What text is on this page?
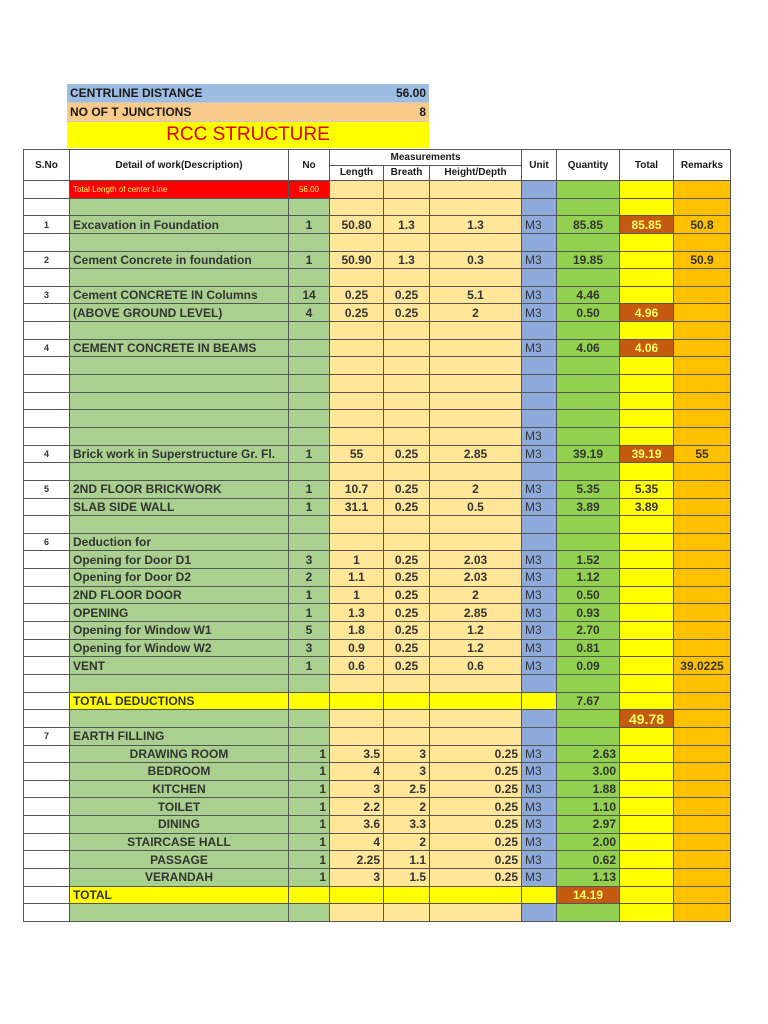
CENTRLINE DISTANCE	56.00
NO OF T JUNCTIONS	8
RCC STRUCTURE
S.No	Detail of work(Description)	No	Measurements			Unit	Quantity	Total	Remarks
			Length	Breath	Height/Depth				
	Total Length of center Line	56.00							

1	Excavation in Foundation	1	50.80	1.3	1.3	M3	85.85	85.85	50.8

2	Cement Concrete in foundation	1	50.90	1.3	0.3	M3	19.85		50.9

3	Cement CONCRETE IN Columns	14	0.25	0.25	5.1	M3	4.46		
	(ABOVE GROUND LEVEL)	4	0.25	0.25	2	M3	0.50	4.96	

4	CEMENT CONCRETE IN BEAMS					M3	4.06	4.06	

						M3			
4	Brick work in Superstructure Gr. Fl.	1	55	0.25	2.85	M3	39.19	39.19	55

5	2ND FLOOR BRICKWORK	1	10.7	0.25	2	M3	5.35	5.35	
	SLAB SIDE WALL	1	31.1	0.25	0.5	M3	3.89	3.89	

6	Deduction for								
	Opening for Door D1	3	1	0.25	2.03	M3	1.52		
	Opening for Door D2	2	1.1	0.25	2.03	M3	1.12		
	2ND FLOOR DOOR	1	1	0.25	2	M3	0.50		
	OPENING	1	1.3	0.25	2.85	M3	0.93		
	Opening for Window W1	5	1.8	0.25	1.2	M3	2.70		
	Opening for Window W2	3	0.9	0.25	1.2	M3	0.81		
	VENT	1	0.6	0.25	0.6	M3	0.09		39.0225

	TOTAL DEDUCTIONS						7.67		
								49.78	
7	EARTH FILLING								
	DRAWING ROOM	1	3.5	3	0.25	M3	2.63		
	BEDROOM	1	4	3	0.25	M3	3.00		
	KITCHEN	1	3	2.5	0.25	M3	1.88		
	TOILET	1	2.2	2	0.25	M3	1.10		
	DINING	1	3.6	3.3	0.25	M3	2.97		
	STAIRCASE HALL	1	4	2	0.25	M3	2.00		
	PASSAGE	1	2.25	1.1	0.25	M3	0.62		
	VERANDAH	1	3	1.5	0.25	M3	1.13		
	TOTAL						14.19		
